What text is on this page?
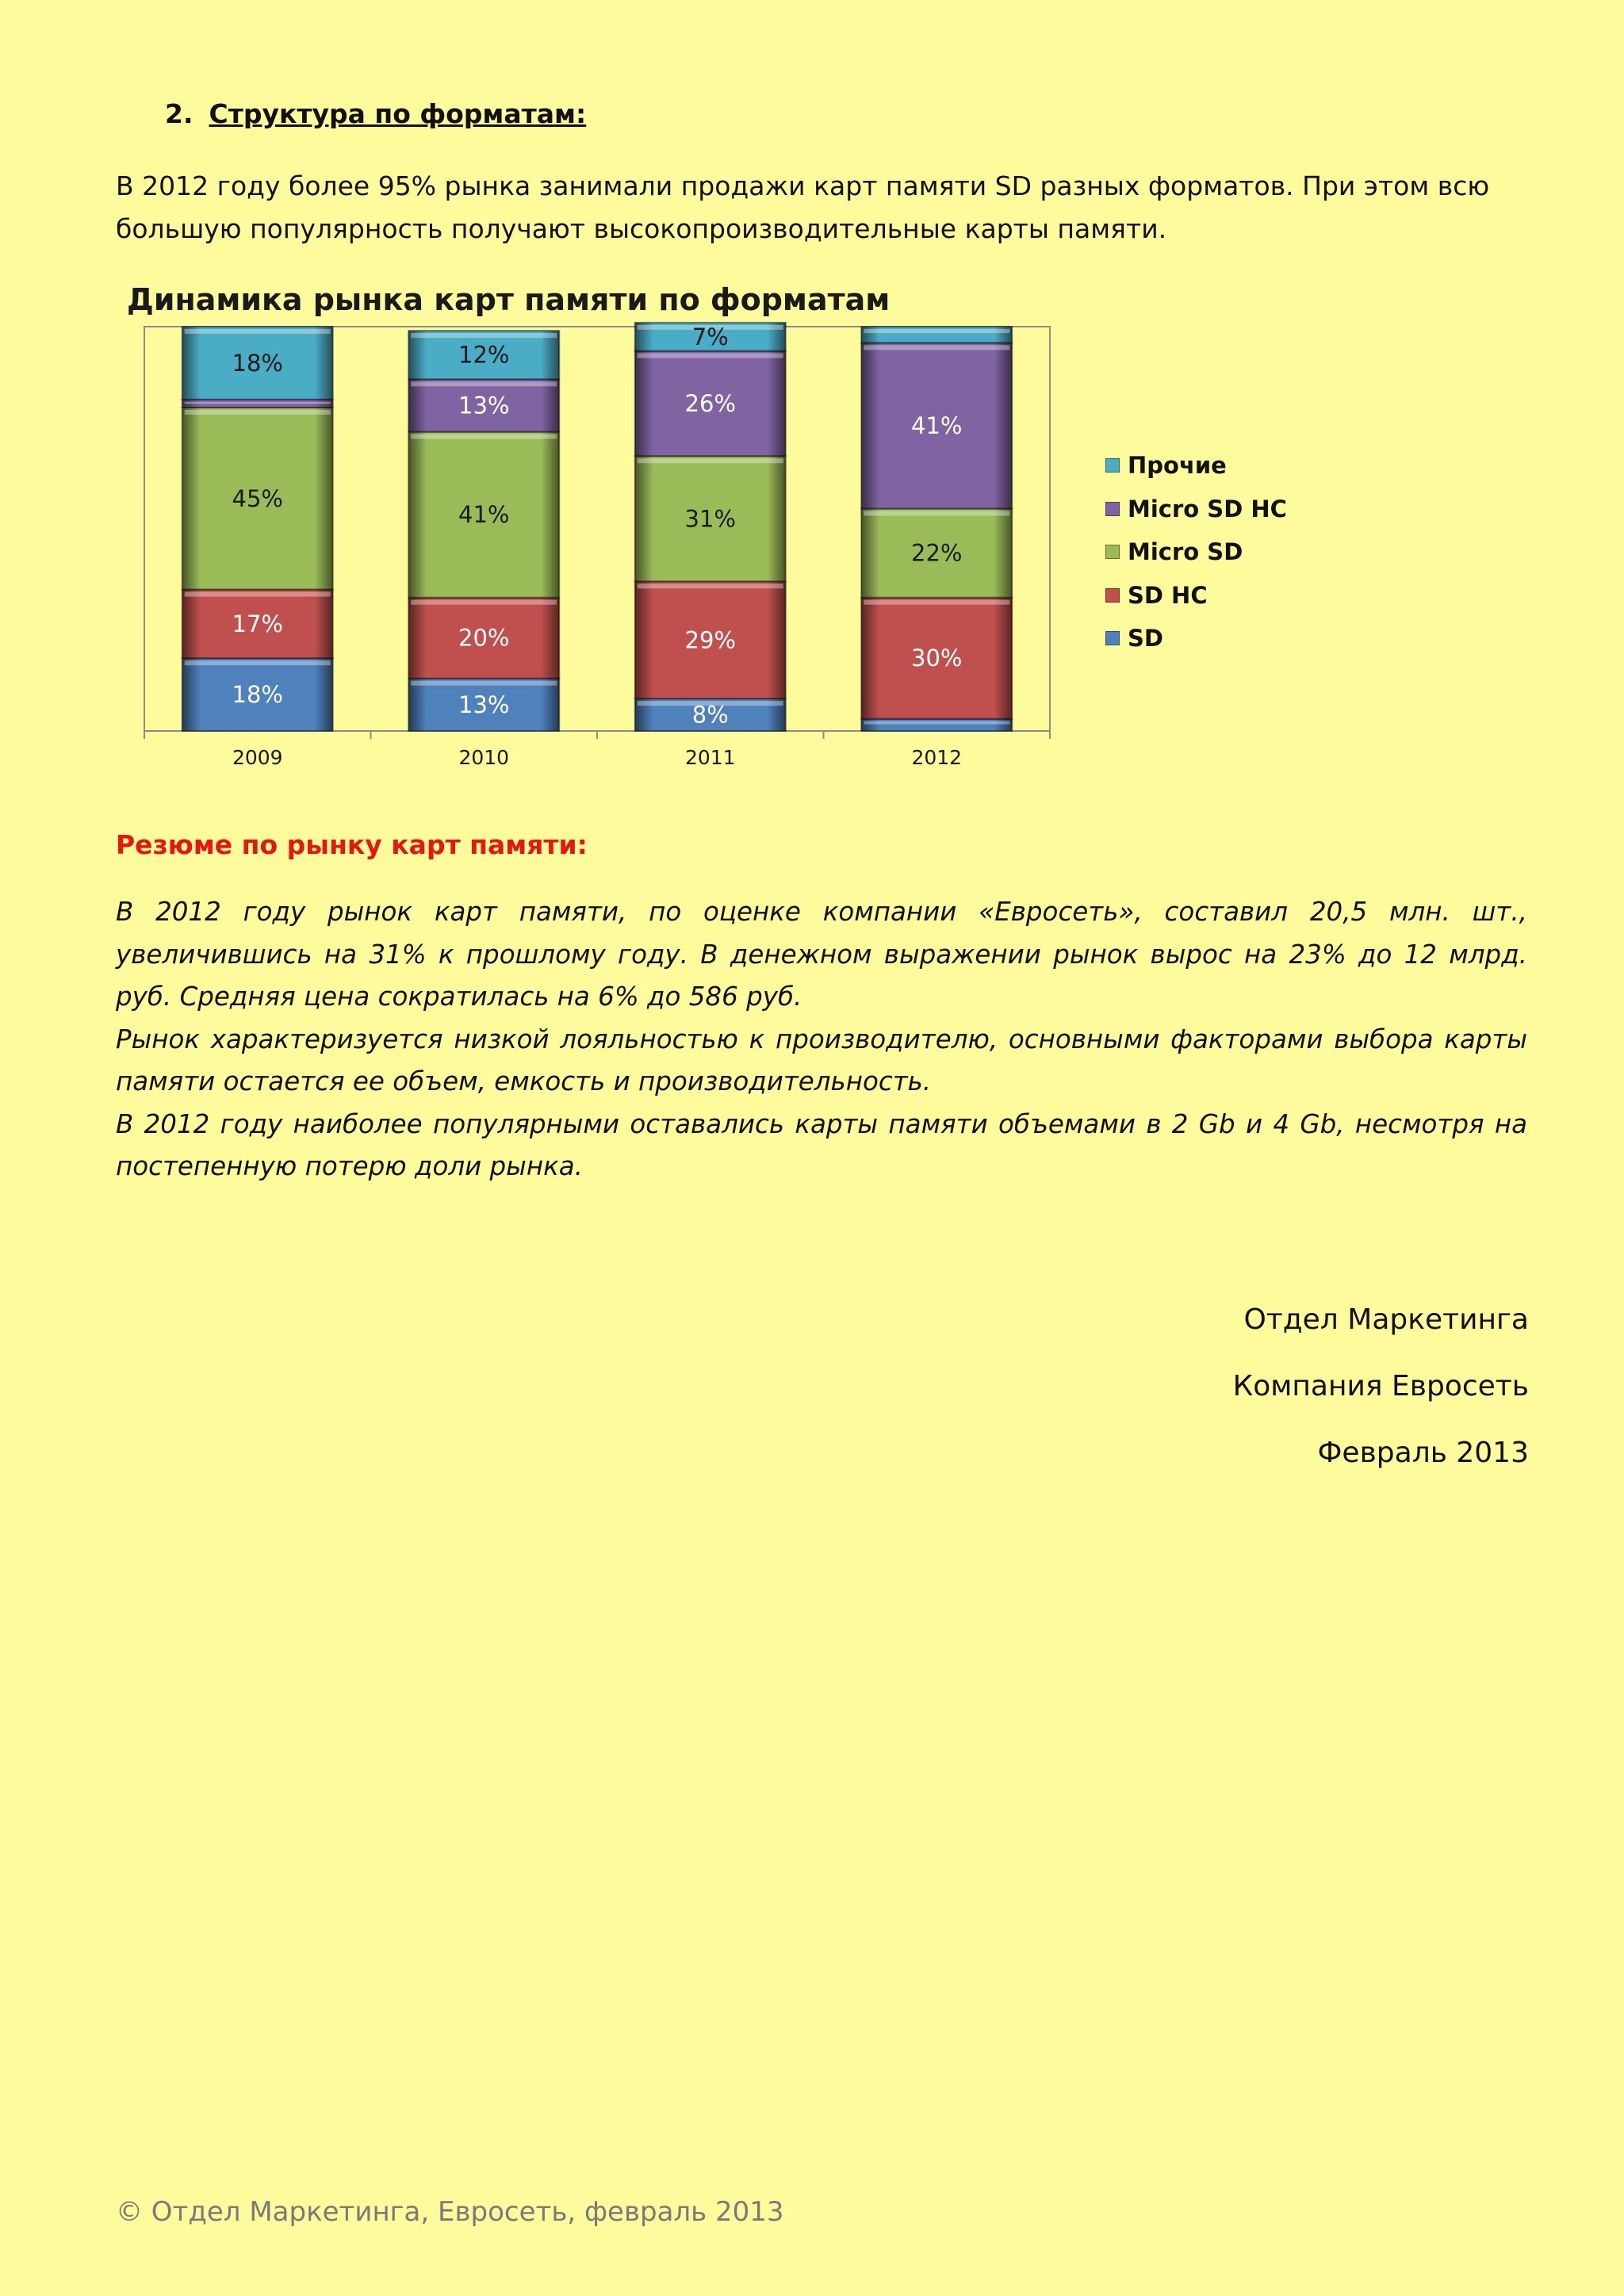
2. Структура по форматам:
В 2012 году более 95% рынка занимали продажи карт памяти SD разных форматов. При этом всю большую популярность получают высокопроизводительные карты памяти.
Динамика рынка карт памяти по форматам
18%
17%
45%
18%
13%
20%
41%
13%
12%
8%
29%
31%
26%
7%
30%
22%
41%
2009	2010	2011	2012
Прочие
Micro SD HC
Micro SD
SD HC
SD
Резюме по рынку карт памяти:

В 2012 году рынок карт памяти, по оценке компании «Евросеть», составил 20,5 млн. шт., увеличившись на 31% к прошлому году. В денежном выражении рынок вырос на 23% до 12 млрд. руб. Средняя цена сократилась на 6% до 586 руб.

Рынок характеризуется низкой лояльностью к производителю, основными факторами выбора карты памяти остается ее объем, емкость и производительность.

В 2012 году наиболее популярными оставались карты памяти объемами в 2 Gb и 4 Gb, несмотря на постепенную потерю доли рынка.

Отдел Маркетинга
Компания Евросеть
Февраль 2013
© Отдел Маркетинга, Евросеть, февраль 2013
